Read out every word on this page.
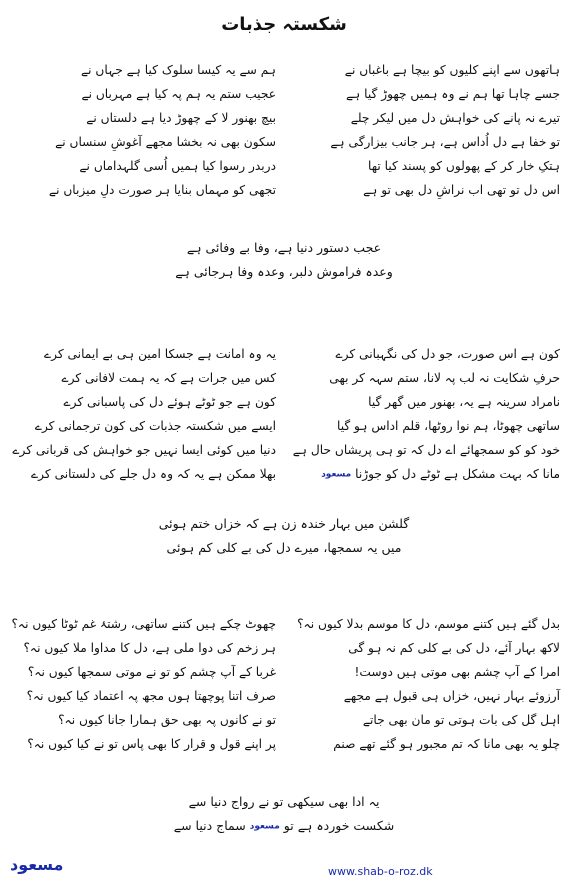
شکستہ جذبات
ہاتھوں سے اپنے کلیوں کو بیچا ہے باغباں نے
جسے چاہا تھا ہم نے وہ ہمیں چھوڑ گیا ہے
تیرے نہ پانے کی خواہش دل میں لیکر چلے
تو خفا ہے دل اُداس ہے، ہر جانب بیزارگی ہے
ہتکِ خار کر کے پھولوں کو پسند کیا تھا
اس دل تو تھی اب نراشِ دل بھی تو ہے
ہم سے یہ کیسا سلوک کیا ہے جہاں نے
عجیب ستم یہ ہم پہ کیا ہے مہرباں نے
بیچ بھنور لا کے چھوڑ دیا ہے دلستاں نے
سکون بھی نہ بخشا مجھے آغوشِ سنساں نے
دربدر رسوا کیا ہمیں اُسی گلہداماں نے
تجھی کو مہماں بنایا ہر صورت دلِ میزباں نے
عجب دستور دنیا ہے، وفا بے وفائی ہے
وعدہ فراموش دلبر، وعدہ وفا ہرجائی ہے
کون ہے اس صورت، جو دل کی نگہبانی کرے
حرفِ شکایت نہ لب پہ لانا، ستم سہہ کر بھی
نامراد سرینہ ہے یہ، بھنور میں گھر گیا
ساتھی چھوٹا، ہم نوا روٹھا، قلم اداس ہو گیا
خود کو کو سمجھائے اے دل کہ تو ہی پریشاں حال ہے
مانا کہ بہت مشکل ہے ٹوٹے دل کو جوڑنا مسعود
یہ وہ امانت ہے جسکا امین ہی بے ایمانی کرے
کس میں جرات ہے کہ یہ ہمت لافانی کرے
کون ہے جو ٹوٹے ہوئے دل کی پاسبانی کرے
ایسے میں شکستہ جذبات کی کون ترجمانی کرے
دنیا میں کوئی ایسا نہیں جو خواہش کی قربانی کرے
بھلا ممکن ہے یہ کہ وہ دل جلے کی دلستانی کرے
گلشن میں بہار خندہ زن ہے کہ خزاں ختم ہوئی
میں یہ سمجھا، میرے دل کی بے کلی کم ہوئی
بدل گئے ہیں کتنے موسم، دل کا موسم بدلا کیوں نہ؟
لاکھ بہار آئے، دل کی بے کلی کم نہ ہو گی
امرا کے آپ چشم بھی موتی ہیں دوست!
آرزوئے بہار نہیں، خزاں ہی قبول ہے مجھے
اہل گل کی بات ہوتی تو مان بھی جاتے
چلو یہ بھی مانا کہ تم مجبور ہو گئے تھے صنم
چھوٹ چکے ہیں کتنے ساتھی، رشتۂ غم ٹوٹا کیوں نہ؟
ہر زخم کی دوا ملی ہے، دل کا مداوا ملا کیوں نہ؟
غربا کے آپ چشم کو تو نے موتی سمجھا کیوں نہ؟
صرف اتنا پوچھتا ہوں مجھ پہ اعتماد کیا کیوں نہ؟
تو نے کانوں پہ بھی حق ہمارا جانا کیوں نہ؟
پر اپنے قول و قرار کا بھی پاس تو نے کیا کیوں نہ؟
یہ ادا بھی سیکھی تو نے رواج دنیا سے
شکست خوردہ ہے تو مسعود سماج دنیا سے
www.shab-o-roz.dk
مسعود
